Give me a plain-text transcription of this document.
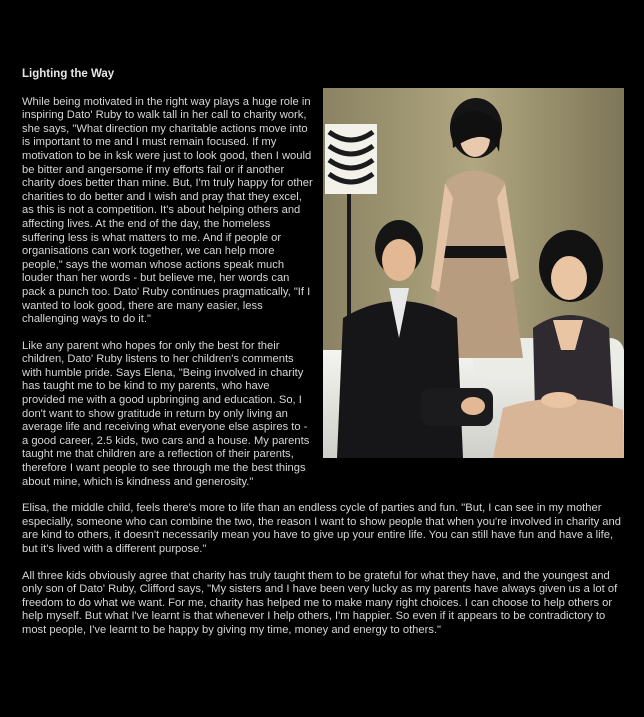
Lighting the Way

While being motivated in the right way plays a huge role in inspiring Dato' Ruby to walk tall in her call to charity work, she says, "What direction my charitable actions move into is important to me and I must remain focused. If my motivation to be in ksk were just to look good, then I would be bitter and angersome if my efforts fail or if another charity does better than mine. But, I'm truly happy for other charities to do better and I wish and pray that they excel, as this is not a competition. It's about helping others and affecting lives. At the end of the day, the homeless suffering less is what matters to me. And if people or organisations can work together, we can help more people," says the woman whose actions speak much louder than her words - but believe me, her words can pack a punch too. Dato' Ruby continues pragmatically, "If I wanted to look good, there are many easier, less challenging ways to do it."

Like any parent who hopes for only the best for their children, Dato' Ruby listens to her children's comments with humble pride. Says Elena, "Being involved in charity has taught me to be kind to my parents, who have provided me with a good upbringing and education. So, I don't want to show gratitude in return by only living an average life and receiving what everyone else aspires to - a good career, 2.5 kids, two cars and a house. My parents taught me that children are a reflection of their parents, therefore I want people to see through me the best things about mine, which is kindness and generosity."

Elisa, the middle child, feels there's more to life than an endless cycle of parties and fun. "But, I can see in my mother especially, someone who can combine the two, the reason I want to show people that when you're involved in charity and are kind to others, it doesn't necessarily mean you have to give up your entire life. You can still have fun and have a life, but it's lived with a different purpose."

All three kids obviously agree that charity has truly taught them to be grateful for what they have, and the youngest and only son of Dato' Ruby, Clifford says, "My sisters and I have been very lucky as my parents have always given us a lot of freedom to do what we want. For me, charity has helped me to make many right choices. I can choose to help others or help myself. But what I've learnt is that whenever I help others, I'm happier. So even if it appears to be contradictory to most people, I've learnt to be happy by giving my time, money and energy to others."
